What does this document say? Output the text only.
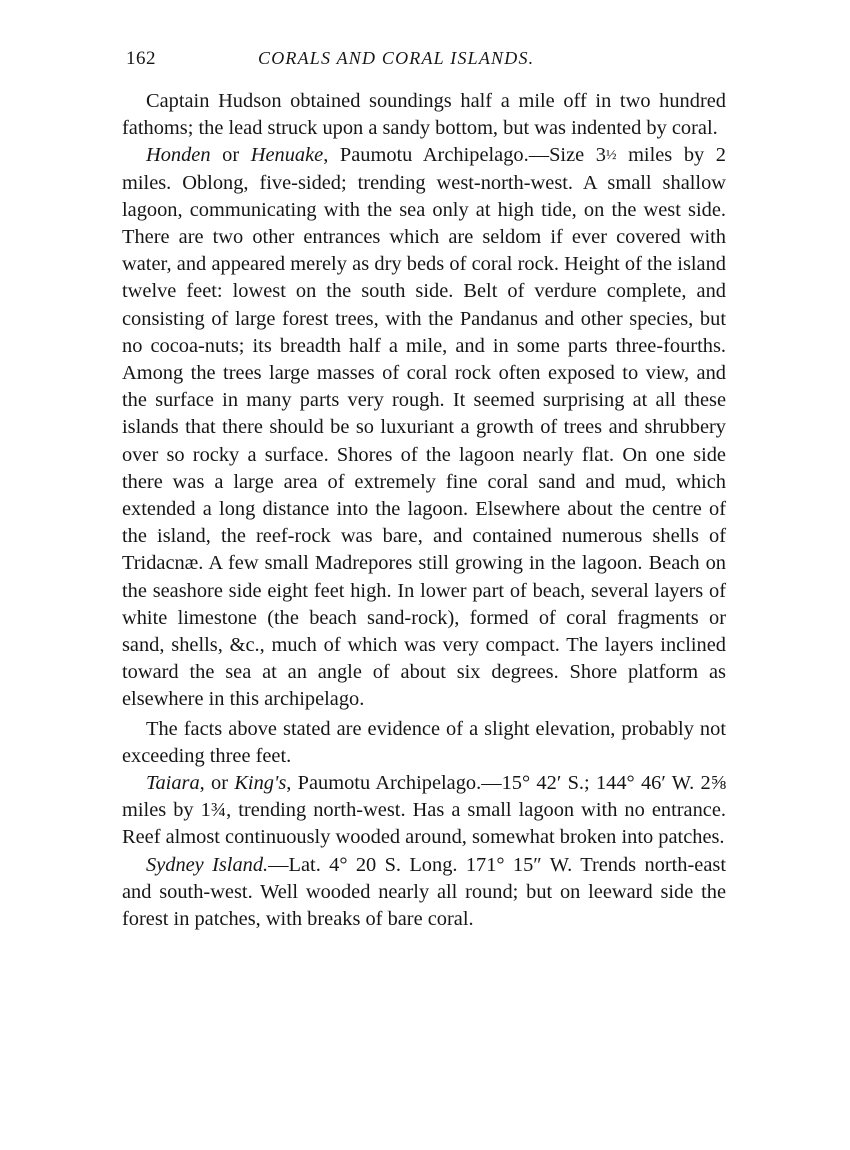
162	CORALS AND CORAL ISLANDS.

Captain Hudson obtained soundings half a mile off in two hundred fathoms; the lead struck upon a sandy bottom, but was indented by coral.

Honden or Henuake, Paumotu Archipelago.—Size 3½ miles by 2 miles. Oblong, five-sided; trending west-north-west. A small shallow lagoon, communicating with the sea only at high tide, on the west side. There are two other entrances which are seldom if ever covered with water, and appeared merely as dry beds of coral rock. Height of the island twelve feet: lowest on the south side. Belt of verdure complete, and consisting of large forest trees, with the Pandanus and other species, but no cocoa-nuts; its breadth half a mile, and in some parts three-fourths. Among the trees large masses of coral rock often exposed to view, and the surface in many parts very rough. It seemed surprising at all these islands that there should be so luxuriant a growth of trees and shrubbery over so rocky a surface. Shores of the lagoon nearly flat. On one side there was a large area of extremely fine coral sand and mud, which extended a long distance into the lagoon. Elsewhere about the centre of the island, the reef-rock was bare, and contained numerous shells of Tridacnæ. A few small Madrepores still growing in the lagoon. Beach on the seashore side eight feet high. In lower part of beach, several layers of white limestone (the beach sand-rock), formed of coral fragments or sand, shells, &c., much of which was very compact. The layers inclined toward the sea at an angle of about six degrees. Shore platform as elsewhere in this archipelago.

The facts above stated are evidence of a slight elevation, probably not exceeding three feet.

Taiara, or King's, Paumotu Archipelago.—15° 42′ S.; 144° 46′ W. 2⅝ miles by 1¾, trending north-west. Has a small lagoon with no entrance. Reef almost continuously wooded around, somewhat broken into patches.

Sydney Island.—Lat. 4° 20 S. Long. 171° 15″ W. Trends north-east and south-west. Well wooded nearly all round; but on leeward side the forest in patches, with breaks of bare coral.
